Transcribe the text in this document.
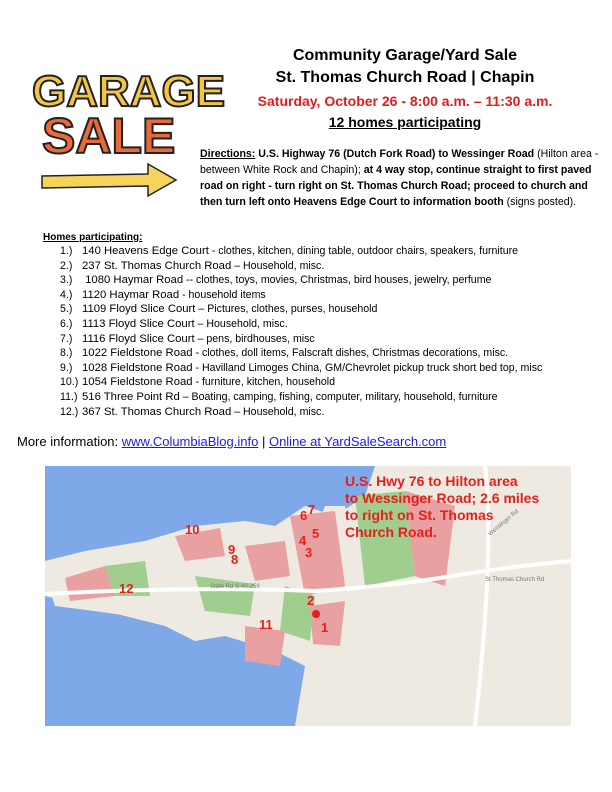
GARAGE
SALE
Community Garage/Yard Sale
St. Thomas Church Road | Chapin
Saturday, October 26 - 8:00 a.m. – 11:30 a.m.
12 homes participating
Directions: U.S. Highway 76 (Dutch Fork Road) to Wessinger Road (Hilton area - between White Rock and Chapin); at 4 way stop, continue straight to first paved road on right - turn right on St. Thomas Church Road; proceed to church and then turn left onto Heavens Edge Court to information booth (signs posted).
Homes participating:
1.) 140 Heavens Edge Court - clothes, kitchen, dining table, outdoor chairs, speakers, furniture
2.) 237 St. Thomas Church Road – Household, misc.
3.) 1080 Haymar Road -- clothes, toys, movies, Christmas, bird houses, jewelry, perfume
4.) 1120 Haymar Road - household items
5.) 1109 Floyd Slice Court – Pictures, clothes, purses, household
6.) 1113 Floyd Slice Court – Household, misc.
7.) 1116 Floyd Slice Court – pens, birdhouses, misc
8.) 1022 Fieldstone Road - clothes, doll items, Falscraft dishes, Christmas decorations, misc.
9.) 1028 Fieldstone Road - Havilland Limoges China, GM/Chevrolet pickup truck short bed top, misc
10.) 1054 Fieldstone Road - furniture, kitchen, household
11.) 516 Three Point Rd – Boating, camping, fishing, computer, military, household, furniture
12.) 367 St. Thomas Church Road – Household, misc.
More information: www.ColumbiaBlog.info | Online at YardSaleSearch.com
St Thomas Church Rd
Wessinger Rd
State Rd S-40-259
U.S. Hwy 76 to Hilton area
to Wessinger Road; 2.6 miles
to right on St. Thomas
Church Road.
1
2
3
4 5
6 7
8
9
10
11
12
